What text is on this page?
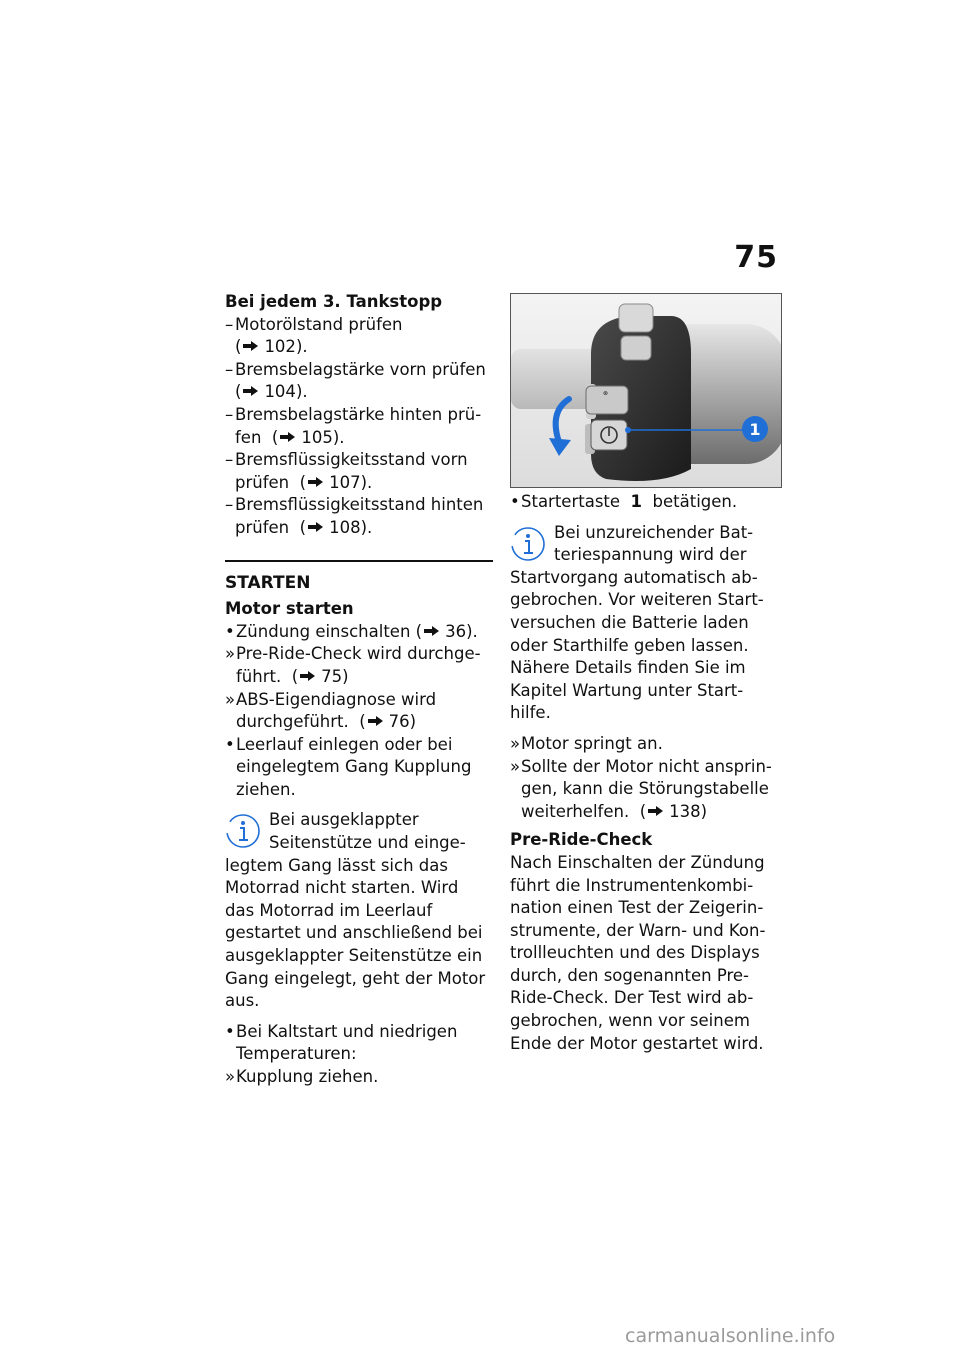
75

Bei jedem 3. Tankstopp

– Motorölstand prüfen
( 102).

– Bremsbelagstärke vorn prüfen
( 104).

– Bremsbelagstärke hinten prü-
fen  ( 105).

– Bremsflüssigkeitsstand vorn
prüfen  ( 107).

– Bremsflüssigkeitsstand hinten
prüfen  ( 108).

STARTEN

Motor starten

• Zündung einschalten ( 36).

» Pre-Ride-Check wird durchge-
führt.  ( 75)

» ABS-Eigendiagnose wird
durchgeführt.  ( 76)

• Leerlauf einlegen oder bei
eingelegtem Gang Kupplung
ziehen.

Bei ausgeklappter
Seitenstütze und einge-
legtem Gang lässt sich das
Motorrad nicht starten. Wird
das Motorrad im Leerlauf
gestartet und anschließend bei
ausgeklappter Seitenstütze ein
Gang eingelegt, geht der Motor
aus.

• Bei Kaltstart und niedrigen
Temperaturen:

» Kupplung ziehen.

⊗
1

• Startertaste 1 betätigen.

Bei unzureichender Bat-
teriespannung wird der
Startvorgang automatisch ab-
gebrochen. Vor weiteren Start-
versuchen die Batterie laden
oder Starthilfe geben lassen.
Nähere Details finden Sie im
Kapitel Wartung unter Start-
hilfe.

» Motor springt an.

» Sollte der Motor nicht ansprin-
gen, kann die Störungstabelle
weiterhelfen.  ( 138)

Pre-Ride-Check

Nach Einschalten der Zündung
führt die Instrumentenkombi-
nation einen Test der Zeigerin-
strumente, der Warn- und Kon-
trollleuchten und des Displays
durch, den sogenannten Pre-
Ride-Check. Der Test wird ab-
gebrochen, wenn vor seinem
Ende der Motor gestartet wird.
carmanualsonline.info
